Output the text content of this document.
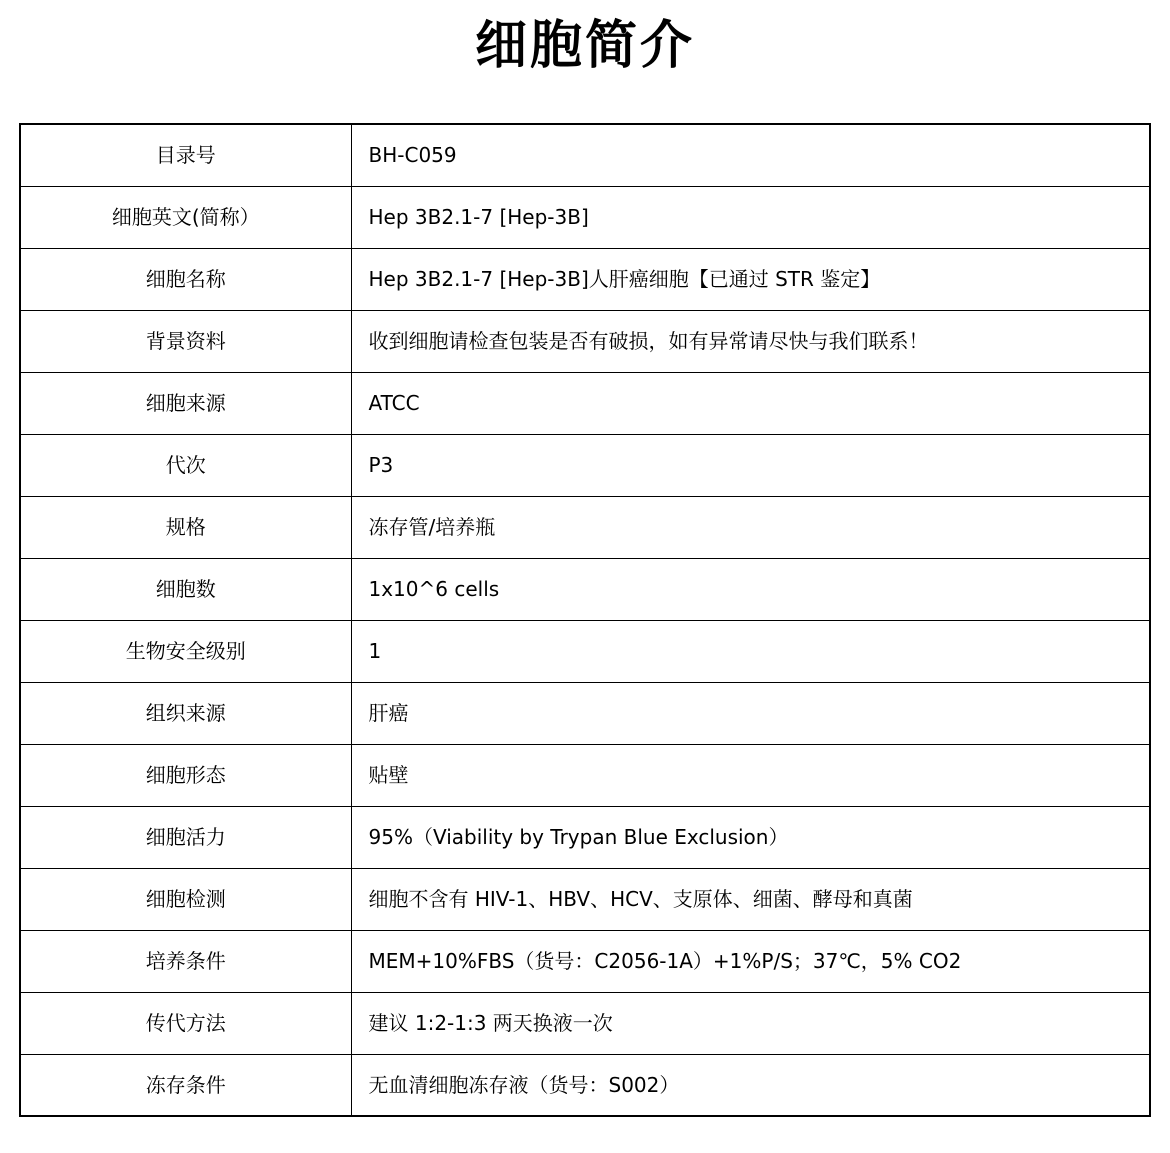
细胞简介
目录号	BH-C059
细胞英文(简称）	Hep 3B2.1-7 [Hep-3B]
细胞名称	Hep 3B2.1-7 [Hep-3B]人肝癌细胞【已通过 STR 鉴定】
背景资料	收到细胞请检查包装是否有破损，如有异常请尽快与我们联系！
细胞来源	ATCC
代次	P3
规格	冻存管/培养瓶
细胞数	1x10^6 cells
生物安全级别	1
组织来源	肝癌
细胞形态	贴壁
细胞活力	95%（Viability by Trypan Blue Exclusion）
细胞检测	细胞不含有 HIV-1、HBV、HCV、支原体、细菌、酵母和真菌
培养条件	MEM+10%FBS（货号：C2056-1A）+1%P/S；37℃，5% CO2
传代方法	建议 1:2-1:3 两天换液一次
冻存条件	无血清细胞冻存液（货号：S002）
